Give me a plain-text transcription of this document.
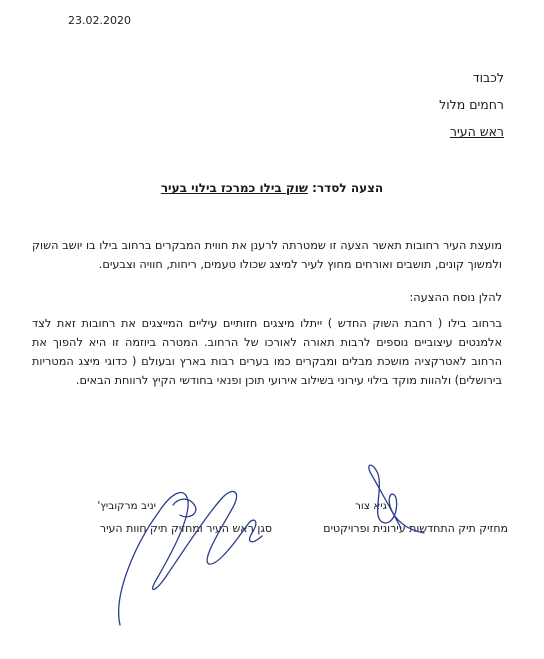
23.02.2020
לכבוד
רחמים מלול
ראש העיר
הצעה לסדר: שוק בילו כמרכז בילוי בעיר
מועצת העיר רחובות תאשר הצעה זו שמטרתה לרענן את חווית המבקרים ברחוב בילו בו יושב השוק ולמשוך קונים, תושבים ואורחים מחוץ לעיר למיצג שכולו טעמים, ריחות, חוויה וצבעים.
להלן נוסח ההצעה:
ברחוב בילו ( רחבת השוק החדש ) ייתלו מיצגים חזותיים עיליים המייצגים את רחובות זאת לצד אלמנטים עיצוביים נוספים לרבות תאורה לאורכו של הרחוב. המטרה ביוזמה זו היא להפוך את הרחוב לאטרקציה מושכת מבלים ומבקרים כמו בערים רבות בארץ ובעולם ( כדוגי מיצג המטריות בירושלים) ולהוות מוקד בילוי עירוני בשילוב אירועי תוכן ופנאי בחודשי הקיץ לרווחת הבאים.
גיא צור
מחזיק תיק התחדשות עירונית ופרויקטים
יניב מרקוביץ'
סגן ראש העיר ומחזיק תיק חוות העיר
